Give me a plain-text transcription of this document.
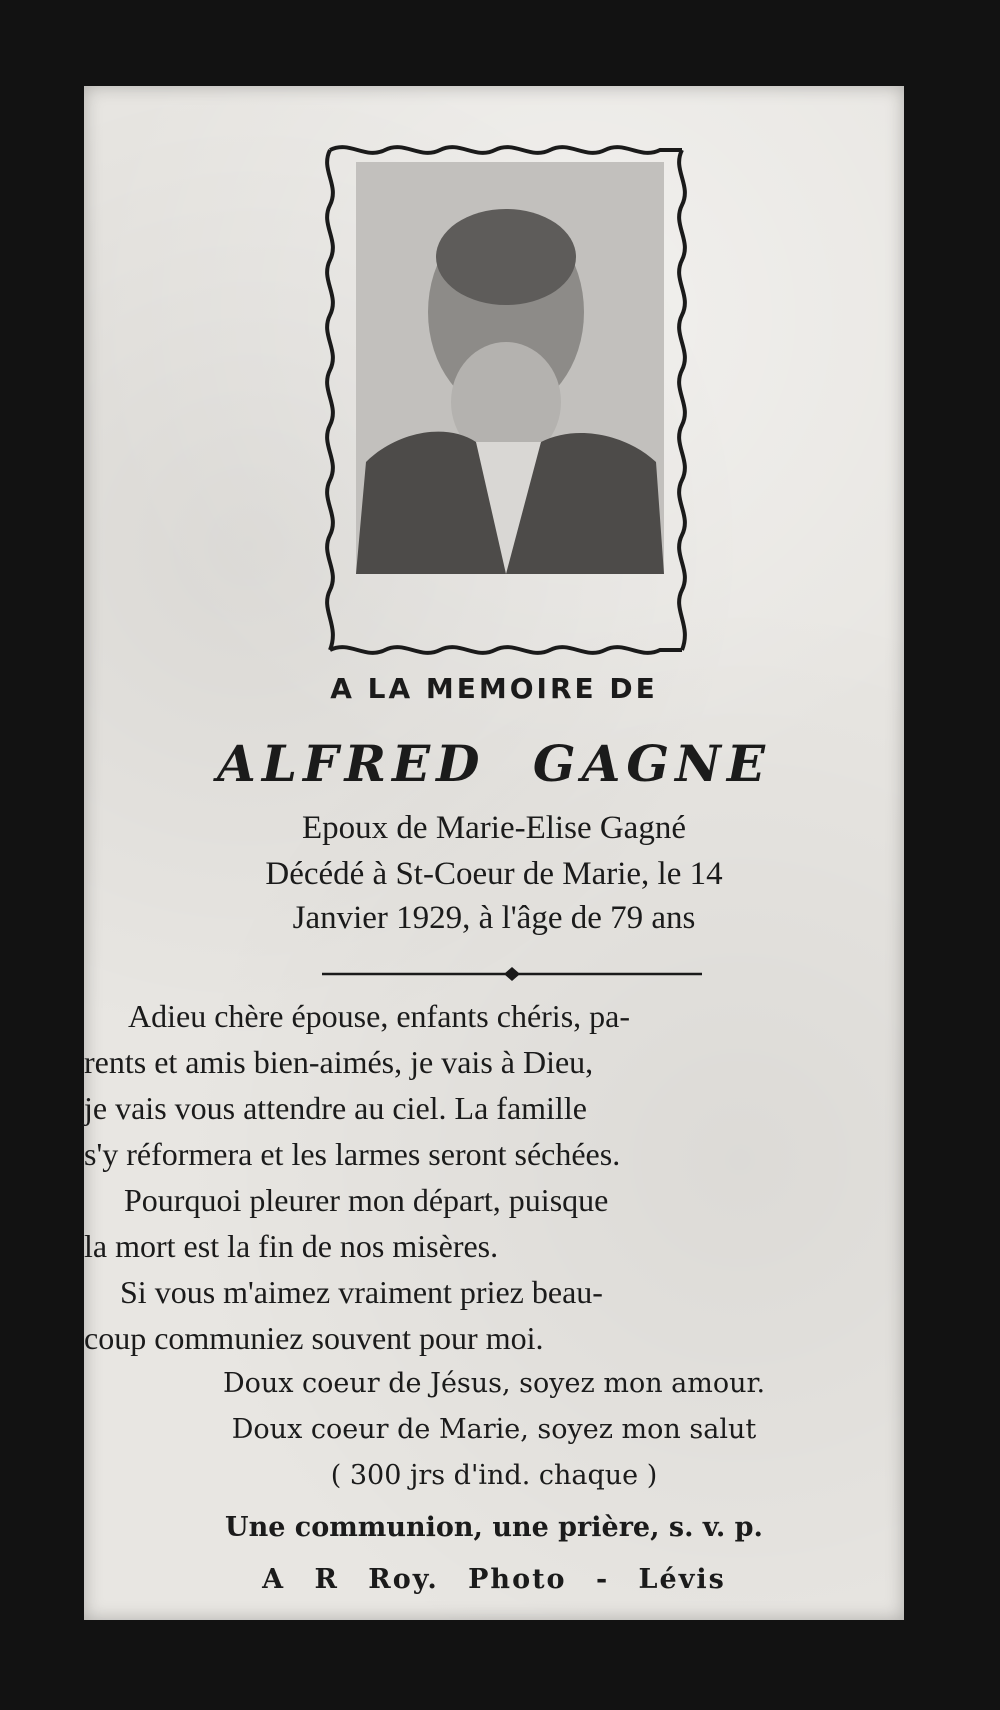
A LA MEMOIRE DE
ALFRED GAGNE
Epoux de Marie-Elise Gagné
Décédé à St-Coeur de Marie, le 14
Janvier 1929, à l'âge de 79 ans
Adieu chère épouse, enfants chéris, pa-
rents et amis bien-aimés, je vais à Dieu,
je vais vous attendre au ciel. La famille
s'y réformera et les larmes seront séchées.
Pourquoi pleurer mon départ, puisque
la mort est la fin de nos misères.
Si vous m'aimez vraiment priez beau-
coup communiez souvent pour moi.
Doux coeur de Jésus, soyez mon amour.
Doux coeur de Marie, soyez mon salut
( 300 jrs d'ind. chaque )
Une communion, une prière, s. v. p.
A R Roy. Photo - Lévis
